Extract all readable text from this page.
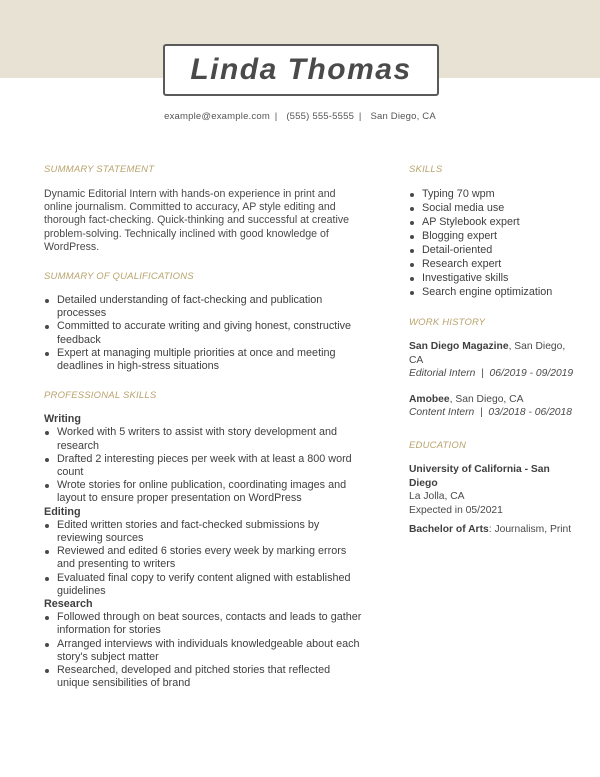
Linda Thomas
example@example.com | (555) 555-5555 | San Diego, CA
SUMMARY STATEMENT

Dynamic Editorial Intern with hands-on experience in print and online journalism. Committed to accuracy, AP style editing and thorough fact-checking. Quick-thinking and successful at creative problem-solving. Technically inclined with good knowledge of WordPress.

SUMMARY OF QUALIFICATIONS
Detailed understanding of fact-checking and publication processes
Committed to accurate writing and giving honest, constructive feedback
Expert at managing multiple priorities at once and meeting deadlines in high-stress situations
PROFESSIONAL SKILLS
Writing
Worked with 5 writers to assist with story development and research
Drafted 2 interesting pieces per week with at least a 800 word count
Wrote stories for online publication, coordinating images and layout to ensure proper presentation on WordPress
Editing
Edited written stories and fact-checked submissions by reviewing sources
Reviewed and edited 6 stories every week by marking errors and presenting to writers
Evaluated final copy to verify content aligned with established guidelines
Research
Followed through on beat sources, contacts and leads to gather information for stories
Arranged interviews with individuals knowledgeable about each story's subject matter
Researched, developed and pitched stories that reflected unique sensibilities of brand
SKILLS
Typing 70 wpm
Social media use
AP Stylebook expert
Blogging expert
Detail-oriented
Research expert
Investigative skills
Search engine optimization
WORK HISTORY
San Diego Magazine, San Diego, CA
Editorial Intern  |  06/2019 - 09/2019
Amobee, San Diego, CA
Content Intern  |  03/2018 - 06/2018
EDUCATION
University of California - San Diego
La Jolla, CA
Expected in 05/2021
Bachelor of Arts: Journalism, Print
